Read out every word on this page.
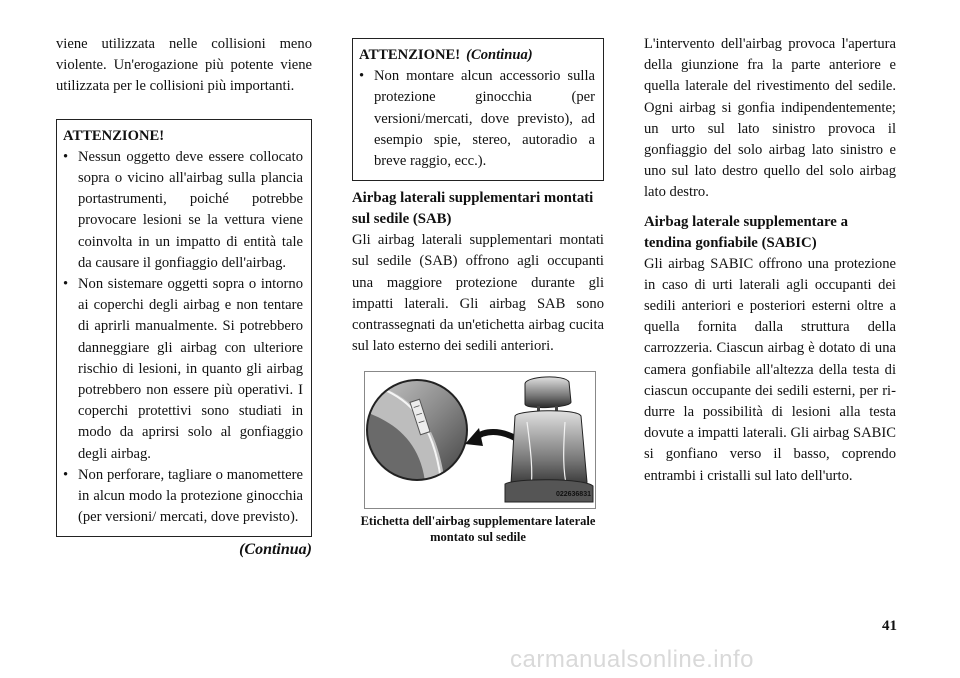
viene utilizzata nelle collisioni meno violente. Un'erogazione più potente viene utilizzata per le collisioni più importanti.

ATTENZIONE!
• Nessun oggetto deve essere collocato sopra o vicino all'airbag sulla plancia portastrumenti, poiché potrebbe provocare lesioni se la vettura viene coinvolta in un impatto di entità tale da causare il gonfiaggio dell'airbag.
• Non sistemare oggetti sopra o intorno ai coperchi degli airbag e non tentare di aprirli manualmente. Si potrebbero danneggiare gli airbag con ulteriore rischio di lesioni, in quanto gli airbag potrebbero non essere più operativi. I coperchi protettivi sono studiati in modo da aprirsi solo al gonfiaggio degli airbag.
• Non perforare, tagliare o manomettere in alcun modo la protezione ginocchia (per versioni/ mercati, dove previsto).
(Continua)
ATTENZIONE! (Continua)
• Non montare alcun accessorio sulla protezione ginocchia (per versioni/mercati, dove previsto), ad esempio spie, stereo, autoradio a breve raggio, ecc.).
Airbag laterali supplementari montati sul sedile (SAB)

Gli airbag laterali supplementari montati sul sedile (SAB) offrono agli occupanti una maggiore protezione durante gli impatti laterali. Gli airbag SAB sono contrassegnati da un'etichetta airbag cucita sul lato esterno dei sedili anteriori.

022636831
Etichetta dell'airbag supplementare laterale montato sul sedile

L'intervento dell'airbag provoca l'apertura della giunzione fra la parte anteriore e quella laterale del rivestimento del sedile. Ogni airbag si gonfia indipendentemente; un urto sul lato sinistro provoca il gonfiaggio del solo airbag lato sinistro e uno sul lato destro quello del solo airbag lato destro.

Airbag laterale supplementare a tendina gonfiabile (SABIC)

Gli airbag SABIC offrono una protezione in caso di urti laterali agli occupanti dei sedili anteriori e posteriori esterni oltre a quella fornita dalla struttura della carrozzeria. Ciascun airbag è dotato di una camera gonfiabile all'altezza della testa di ciascun occupante dei sedili esterni, per ridurre la possibilità di lesioni alla testa dovute a impatti laterali. Gli airbag SABIC si gonfiano verso il basso, coprendo entrambi i cristalli sul lato dell'urto.

41
carmanualsonline.info
